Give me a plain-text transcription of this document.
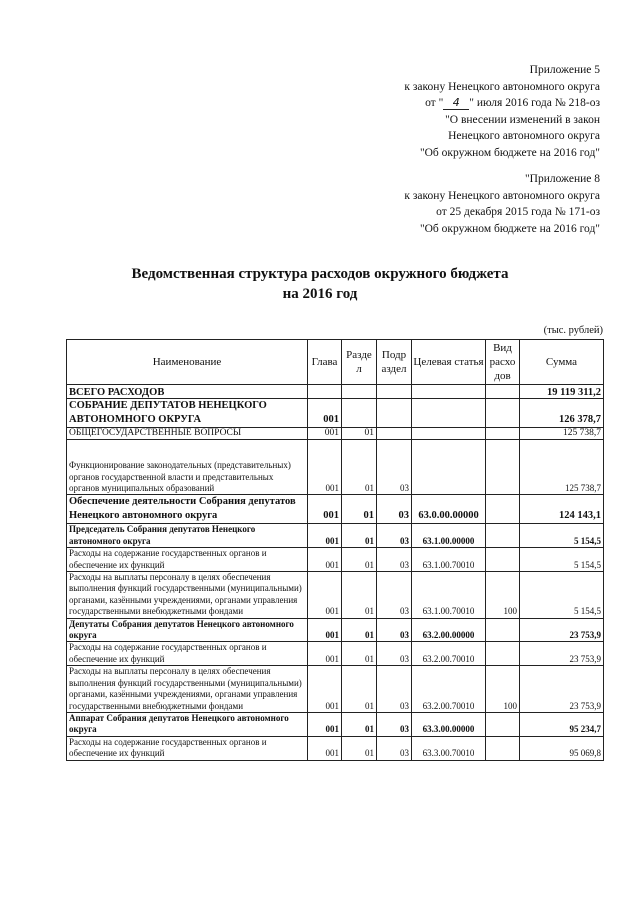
Приложение 5
к закону Ненецкого автономного округа
от " 4 " июля 2016 года № 218-оз
"О внесении изменений в закон
Ненецкого автономного округа
"Об окружном бюджете на 2016 год"
"Приложение 8
к закону Ненецкого автономного округа
от 25 декабря 2015 года № 171-оз
"Об окружном бюджете на 2016 год"
Ведомственная структура расходов окружного бюджета
на 2016 год
(тыс. рублей)
Наименование	Глава	Разде л	Подр аздел	Целевая статья	Вид расхо дов	Сумма
ВСЕГО РАСХОДОВ						19 119 311,2
СОБРАНИЕ ДЕПУТАТОВ НЕНЕЦКОГО АВТОНОМНОГО ОКРУГА	001					126 378,7
ОБЩЕГОСУДАРСТВЕННЫЕ ВОПРОСЫ	001	01				125 738,7
Функционирование законодательных (представительных) органов государственной власти и представительных органов муниципальных образований	001	01	03			125 738,7
Обеспечение деятельности Собрания депутатов Ненецкого автономного округа	001	01	03	63.0.00.00000		124 143,1
Председатель Собрания депутатов Ненецкого автономного округа	001	01	03	63.1.00.00000		5 154,5
Расходы на содержание государственных органов и обеспечение их функций	001	01	03	63.1.00.70010		5 154,5
Расходы на выплаты персоналу в целях обеспечения выполнения функций государственными (муниципальными) органами, казёнными учреждениями, органами управления государственными внебюджетными фондами	001	01	03	63.1.00.70010	100	5 154,5
Депутаты Собрания депутатов Ненецкого автономного округа	001	01	03	63.2.00.00000		23 753,9
Расходы на содержание государственных органов и обеспечение их функций	001	01	03	63.2.00.70010		23 753,9
Расходы на выплаты персоналу в целях обеспечения выполнения функций государственными (муниципальными) органами, казёнными учреждениями, органами управления государственными внебюджетными фондами	001	01	03	63.2.00.70010	100	23 753,9
Аппарат Собрания депутатов Ненецкого автономного округа	001	01	03	63.3.00.00000		95 234,7
Расходы на содержание государственных органов и обеспечение их функций	001	01	03	63.3.00.70010		95 069,8
